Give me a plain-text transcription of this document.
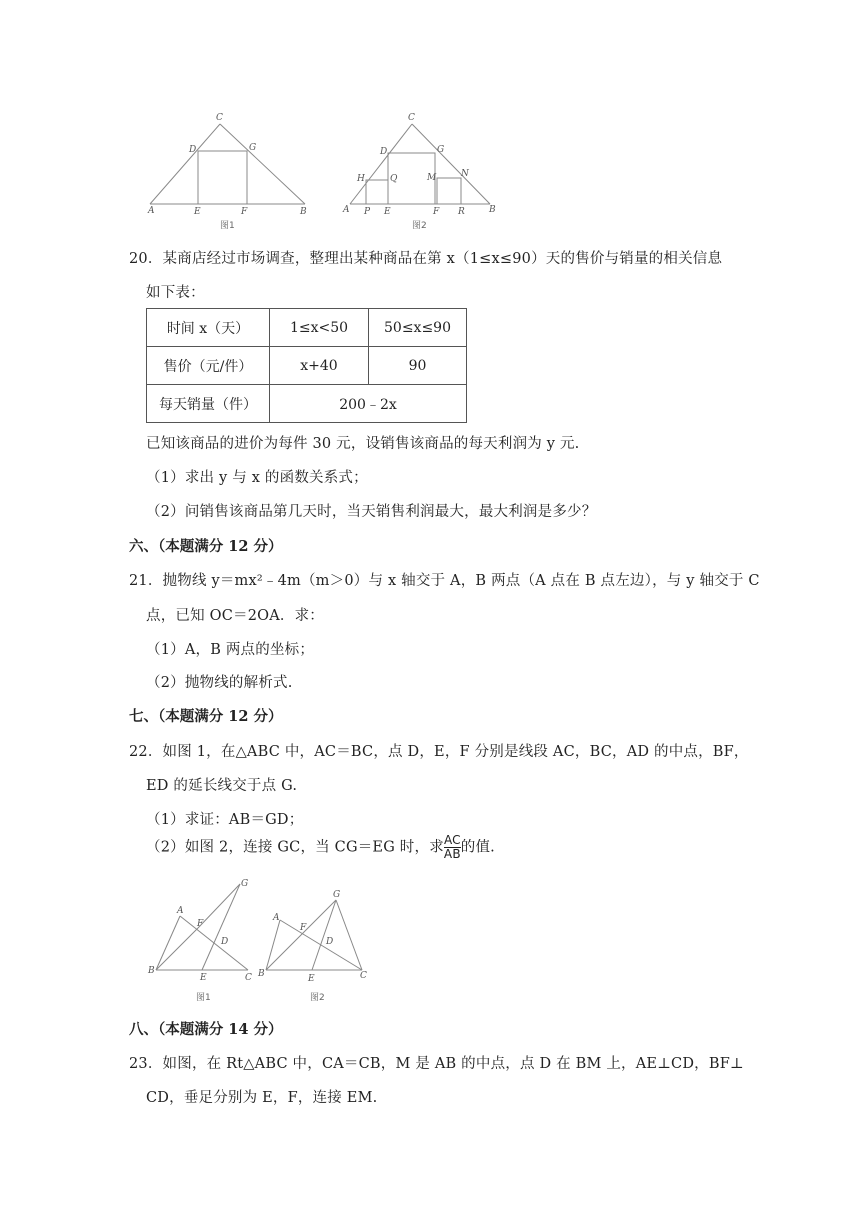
C
D	G
A	E	F	B
图1
C
D	G
H	Q	M	N
A P E	F R	B
图2
20．某商店经过市场调查，整理出某种商品在第 x（1≤x≤90）天的售价与销量的相关信息
如下表：
时间 x（天）	1≤x<50	50≤x≤90
售价（元/件）	x+40	90
每天销量（件）	200﹣2x	
已知该商品的进价为每件 30 元，设销售该商品的每天利润为 y 元.
（1）求出 y 与 x 的函数关系式；
（2）问销售该商品第几天时，当天销售利润最大，最大利润是多少？
六、（本题满分 12 分）
21．抛物线 y＝mx²﹣4m（m＞0）与 x 轴交于 A，B 两点（A 点在 B 点左边），与 y 轴交于 C
点，已知 OC＝2OA．求：
（1）A，B 两点的坐标；
（2）抛物线的解析式.
七、（本题满分 12 分）
22．如图 1，在△ABC 中，AC＝BC，点 D，E，F 分别是线段 AC，BC，AD 的中点，BF，
ED 的延长线交于点 G.
（1）求证：AB＝GD；
（2）如图 2，连接 GC，当 CG＝EG 时，求 $\frac{AC}{AB}$ 的值.
G
A
F
D
B
E	C
图1
G
A
F
D
B	E	C
图2
八、（本题满分 14 分）
23．如图，在 Rt△ABC 中，CA＝CB，M 是 AB 的中点，点 D 在 BM 上，AE⊥CD，BF⊥
CD，垂足分别为 E，F，连接 EM.
